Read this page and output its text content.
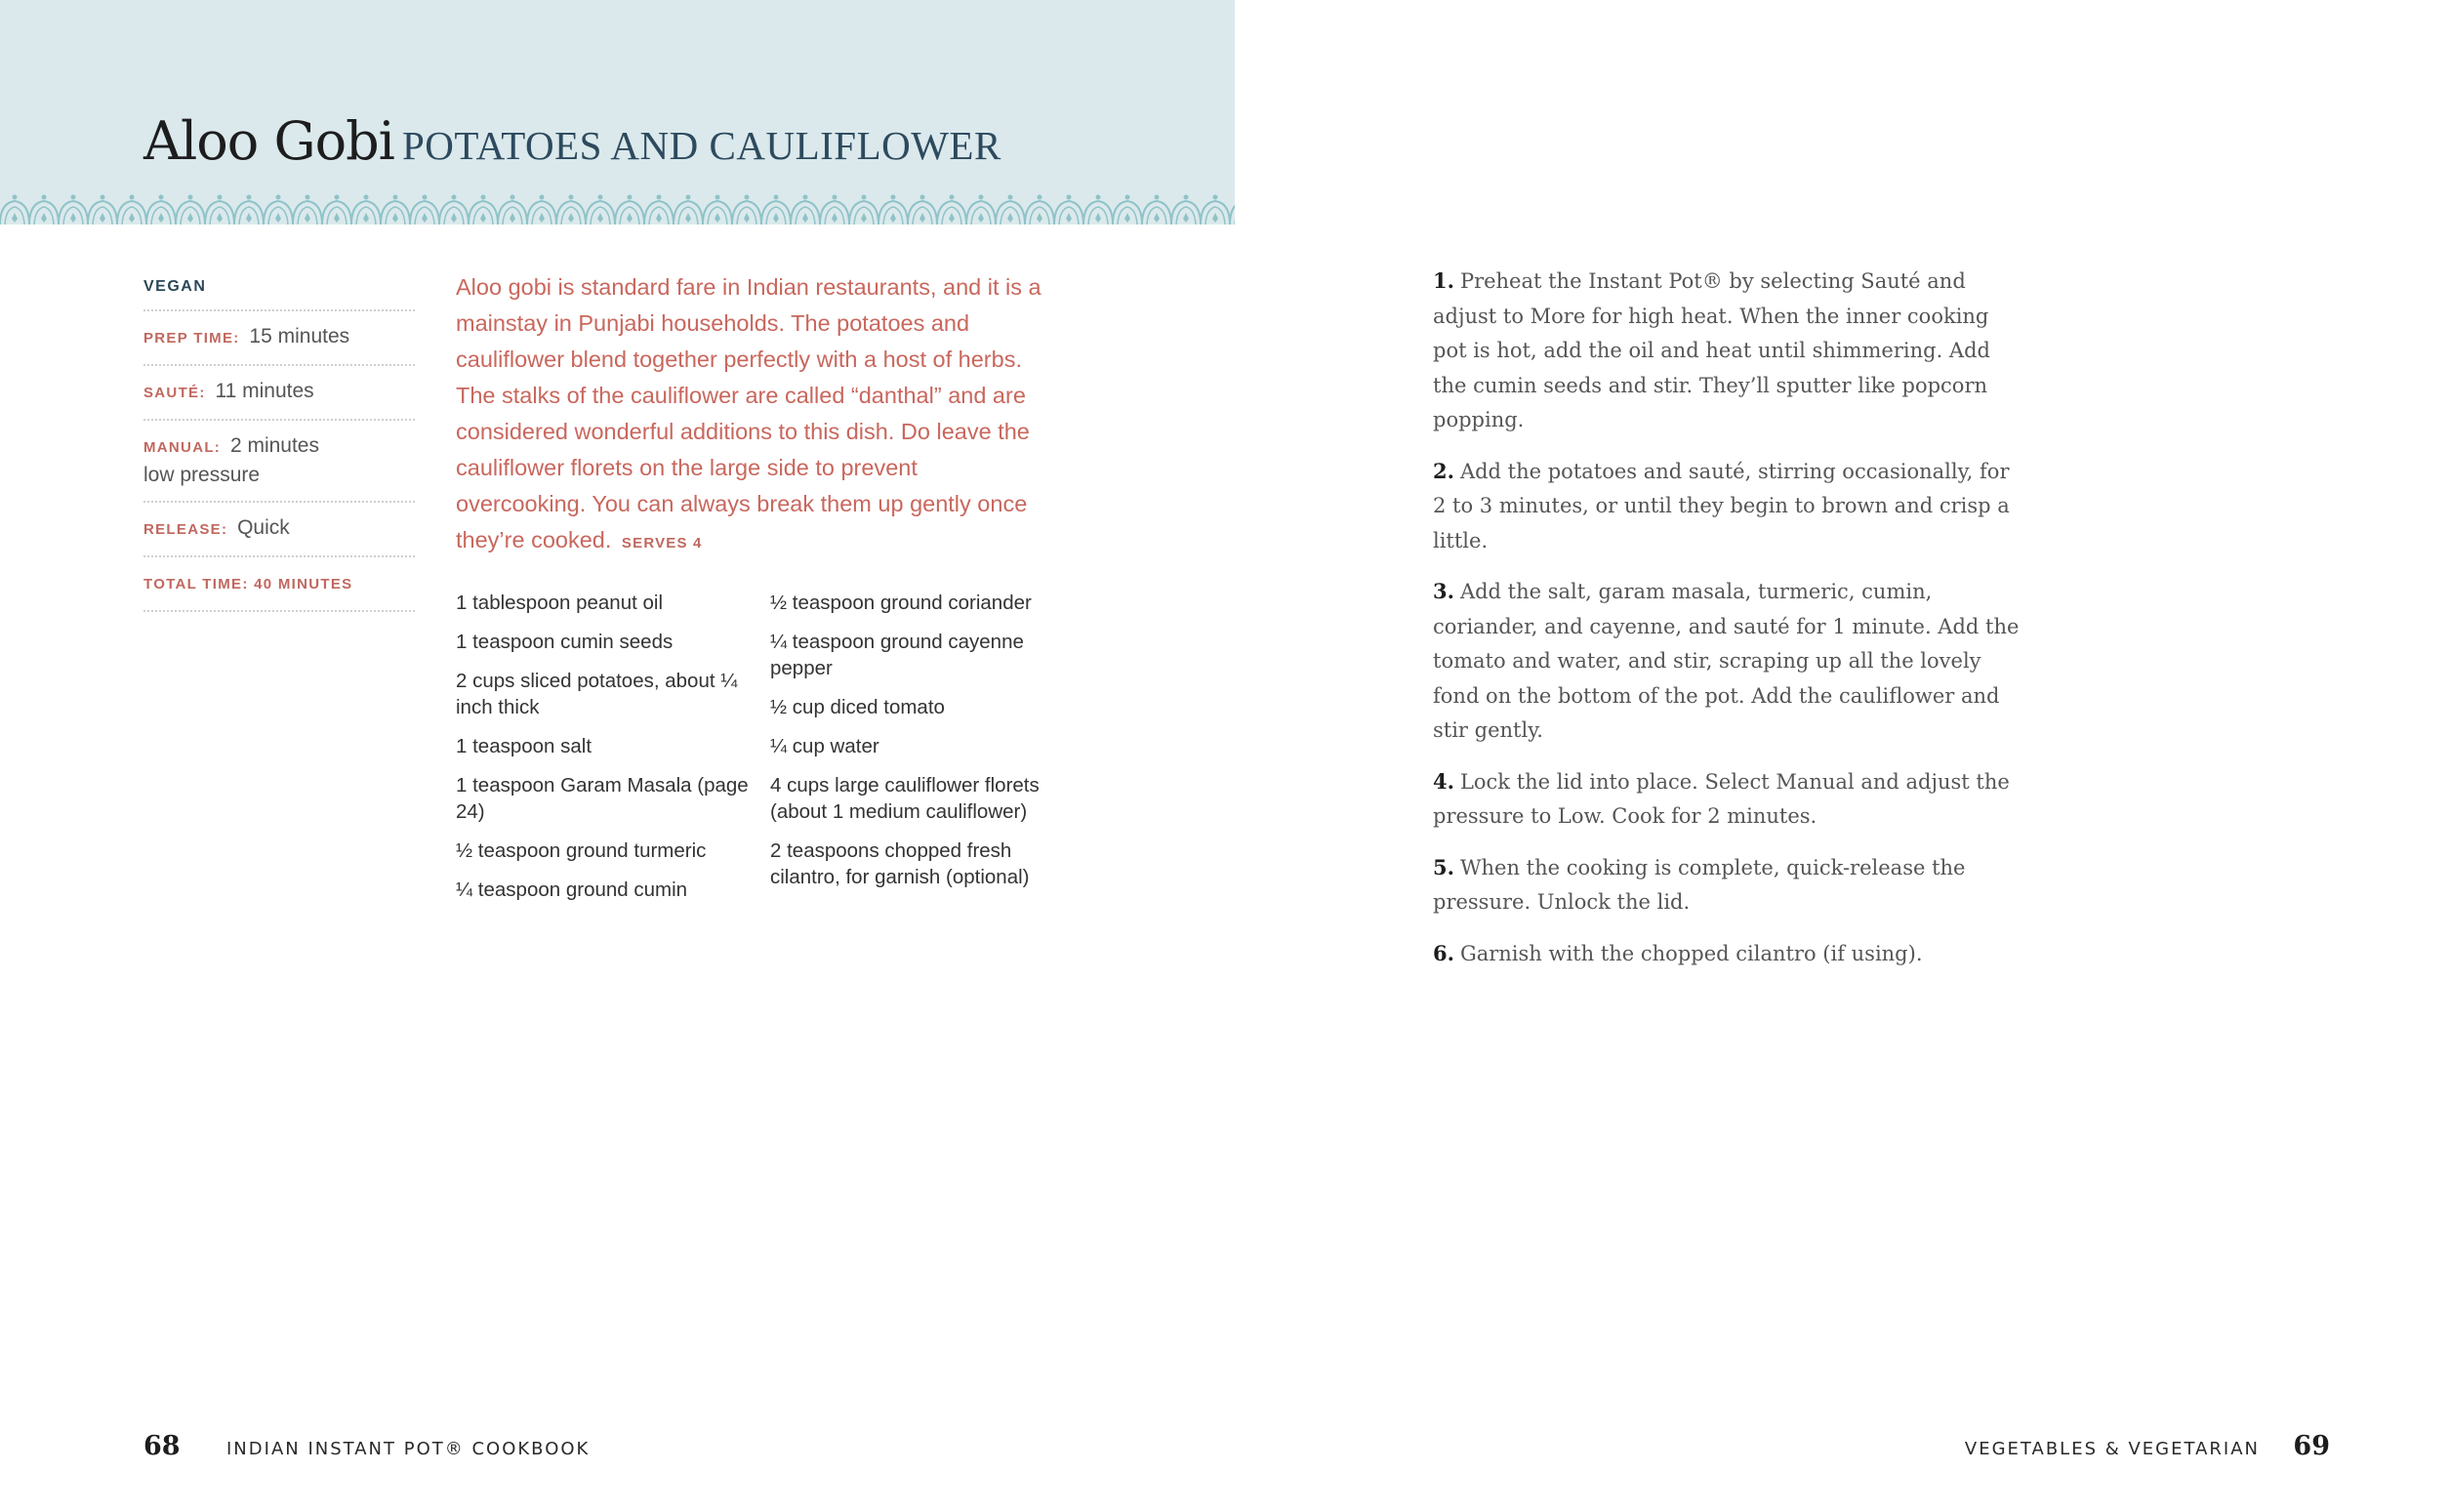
Aloo Gobi POTATOES AND CAULIFLOWER
VEGAN
PREP TIME: 15 minutes
SAUTÉ: 11 minutes
MANUAL: 2 minutes
low pressure
RELEASE: Quick
TOTAL TIME: 40 MINUTES
Aloo gobi is standard fare in Indian restaurants, and it is a mainstay in Punjabi households. The potatoes and cauliflower blend together perfectly with a host of herbs. The stalks of the cauliflower are called “danthal” and are considered wonderful additions to this dish. Do leave the cauliflower florets on the large side to prevent overcooking. You can always break them up gently once they’re cooked. SERVES 4
1 tablespoon peanut oil
1 teaspoon cumin seeds
2 cups sliced potatoes, about ¼ inch thick
1 teaspoon salt
1 teaspoon Garam Masala (page 24)
½ teaspoon ground turmeric
¼ teaspoon ground cumin
½ teaspoon ground coriander
¼ teaspoon ground cayenne pepper
½ cup diced tomato
¼ cup water
4 cups large cauliflower florets (about 1 medium cauliflower)
2 teaspoons chopped fresh cilantro, for garnish (optional)
1. Preheat the Instant Pot® by selecting Sauté and adjust to More for high heat. When the inner cooking pot is hot, add the oil and heat until shimmering. Add the cumin seeds and stir. They’ll sputter like popcorn popping.
2. Add the potatoes and sauté, stirring occasionally, for 2 to 3 minutes, or until they begin to brown and crisp a little.
3. Add the salt, garam masala, turmeric, cumin, coriander, and cayenne, and sauté for 1 minute. Add the tomato and water, and stir, scraping up all the lovely fond on the bottom of the pot. Add the cauliflower and stir gently.
4. Lock the lid into place. Select Manual and adjust the pressure to Low. Cook for 2 minutes.
5. When the cooking is complete, quick-release the pressure. Unlock the lid.
6. Garnish with the chopped cilantro (if using).
68	INDIAN INSTANT POT® COOKBOOK	VEGETABLES & VEGETARIAN 69
